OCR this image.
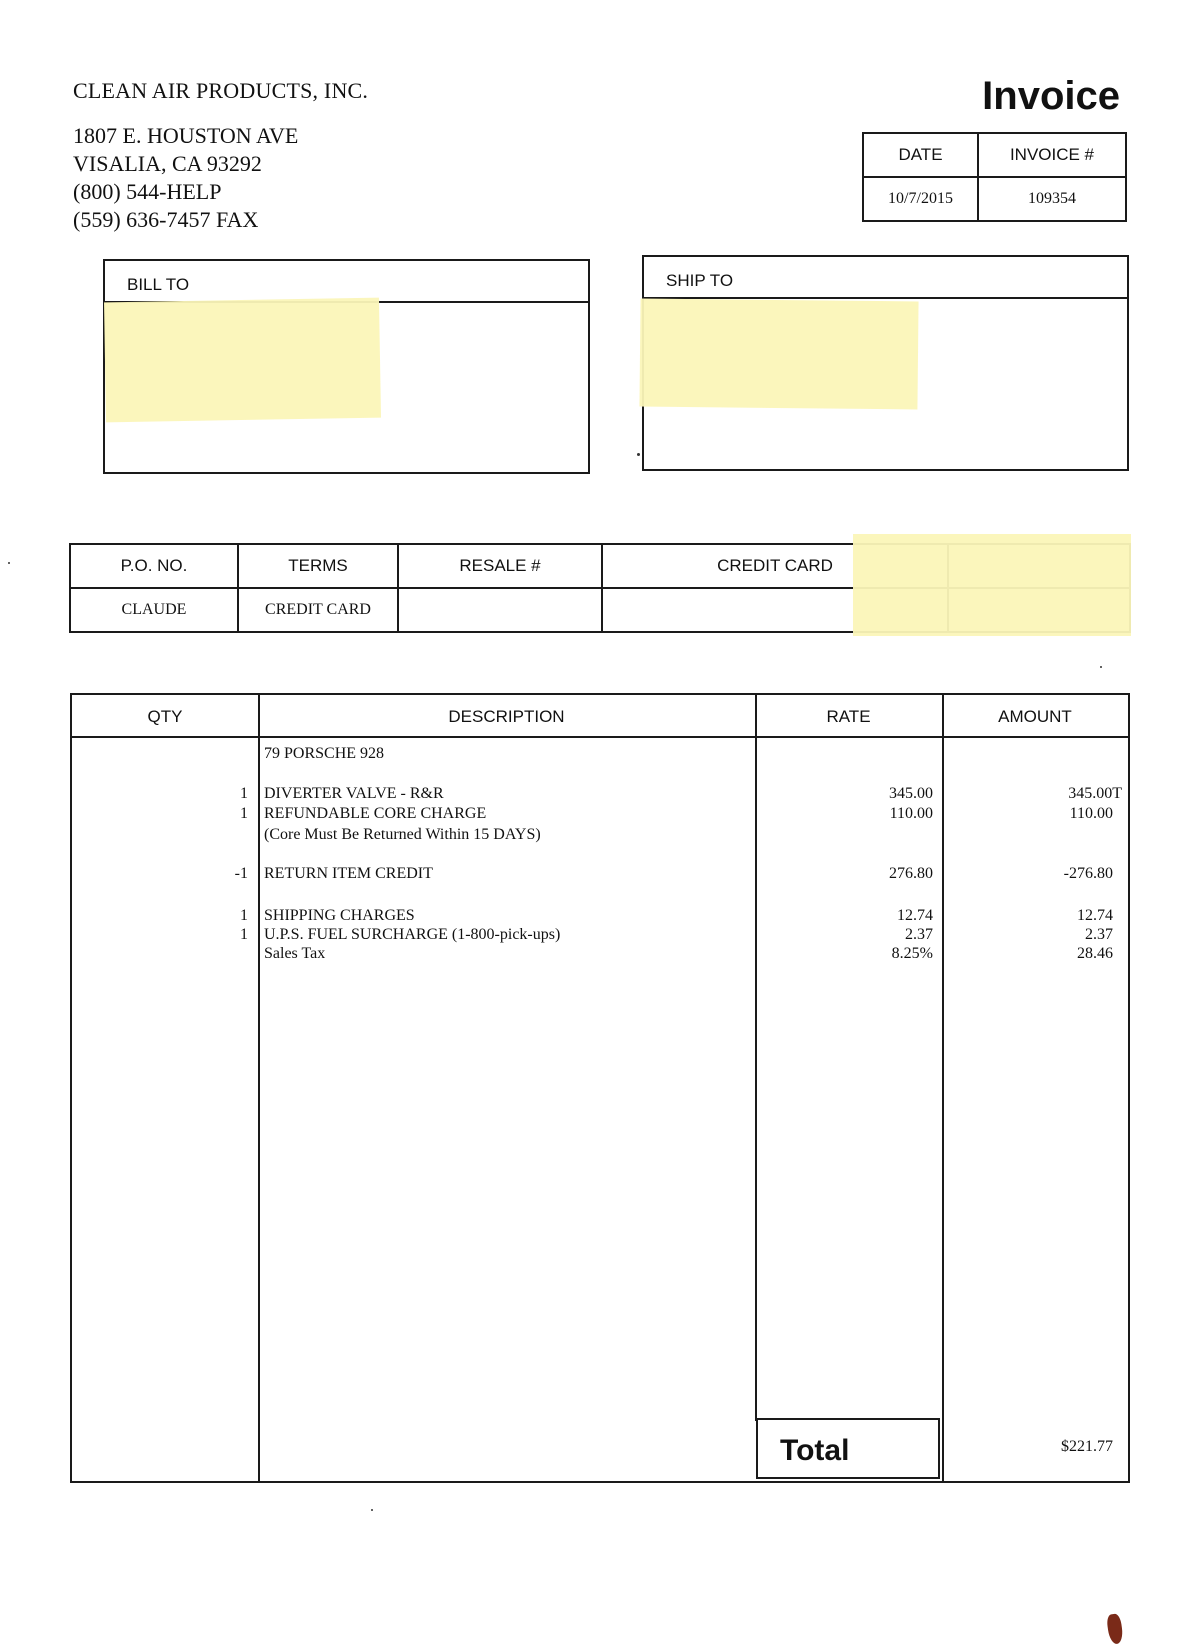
CLEAN AIR PRODUCTS, INC.
1807 E. HOUSTON AVE
VISALIA, CA 93292
(800) 544-HELP
(559) 636-7457 FAX
Invoice
DATE	INVOICE #
10/7/2015	109354
BILL TO	SHIP TO
P.O. NO.	TERMS	RESALE #	CREDIT CARD	
CLAUDE	CREDIT CARD			
QTY	DESCRIPTION	RATE	AMOUNT
79 PORSCHE 928
1 DIVERTER VALVE - R&R	345.00	345.00T
1 REFUNDABLE CORE CHARGE	110.00	110.00
(Core Must Be Returned Within 15 DAYS)
-1 RETURN ITEM CREDIT	276.80	-276.80
1 SHIPPING CHARGES	12.74	12.74
1 U.P.S. FUEL SURCHARGE (1-800-pick-ups)	2.37	2.37
Sales Tax	8.25%	28.46
Total	$221.77
